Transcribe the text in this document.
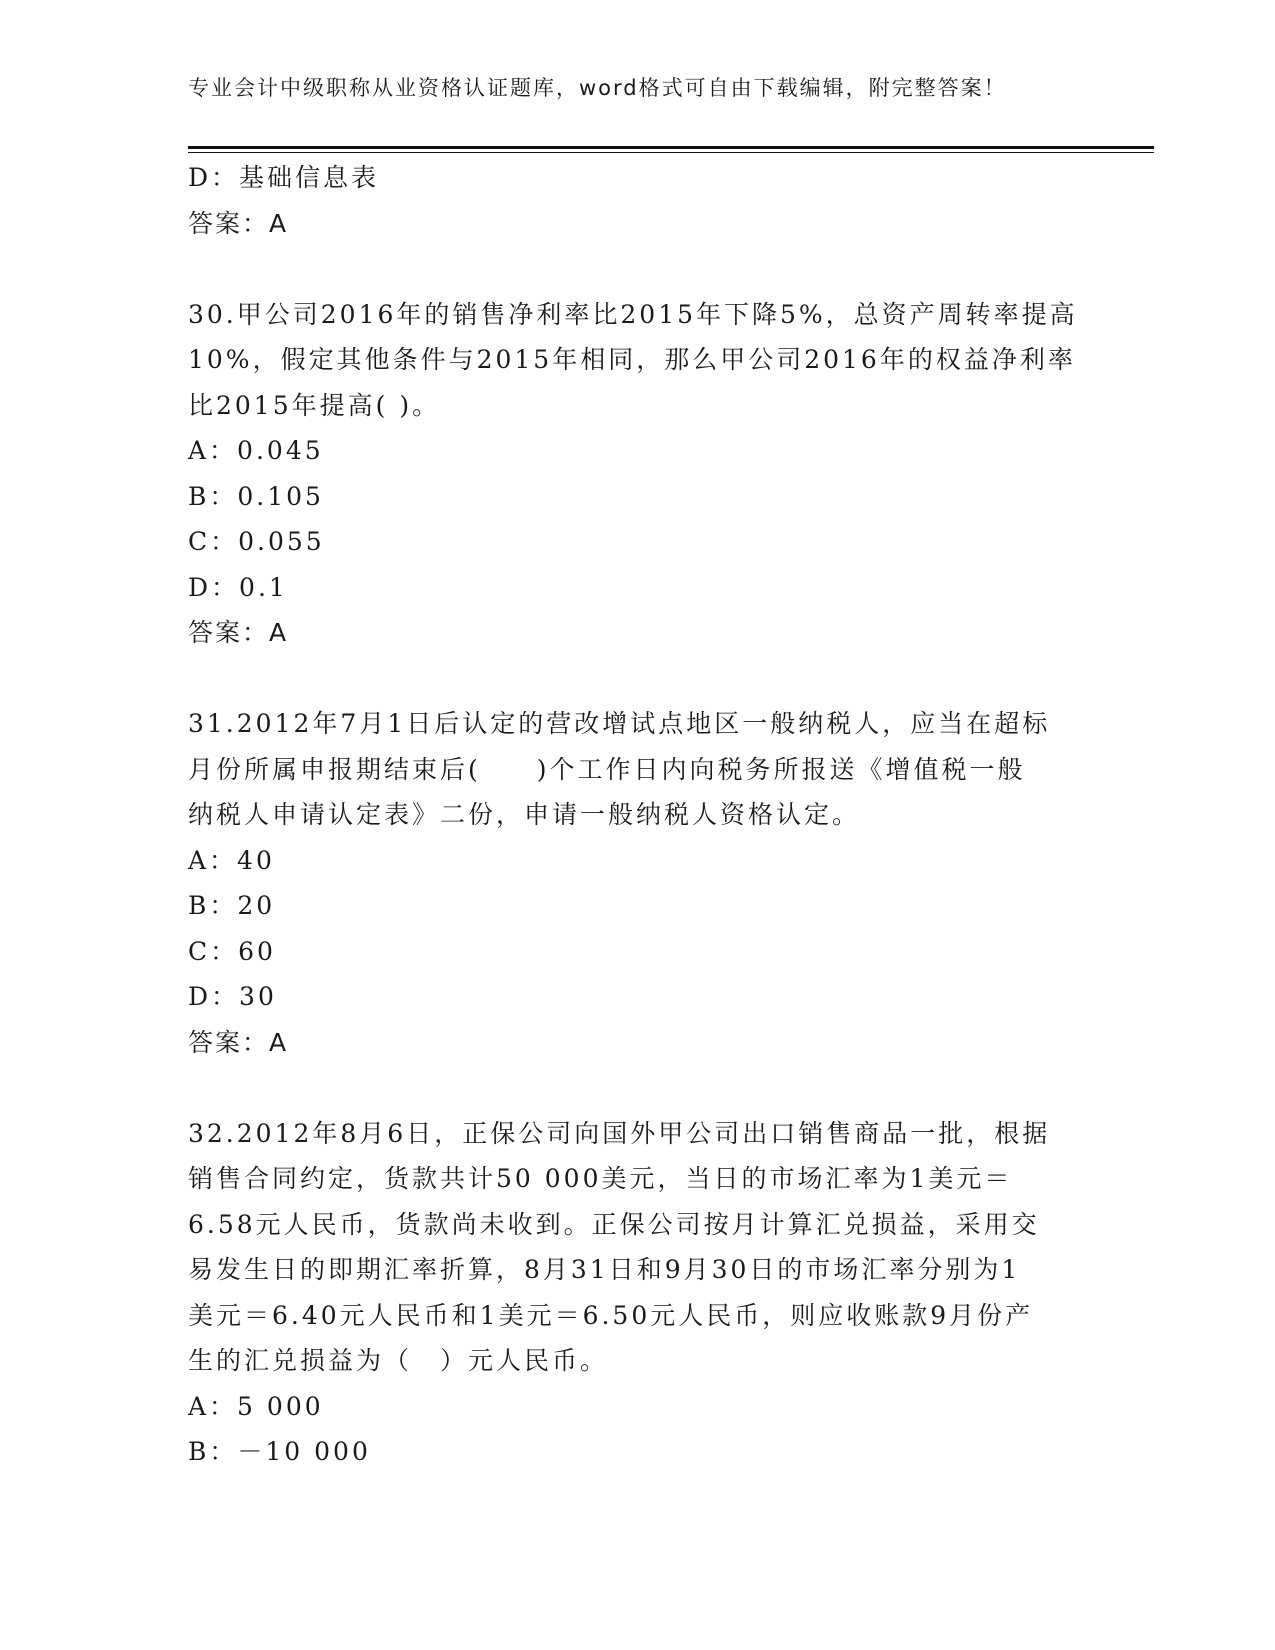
专业会计中级职称从业资格认证题库，word格式可自由下载编辑，附完整答案！
D：基础信息表
答案：A
30.甲公司2016年的销售净利率比2015年下降5%，总资产周转率提高
10%，假定其他条件与2015年相同，那么甲公司2016年的权益净利率
比2015年提高( )。
A：0.045
B：0.105
C：0.055
D：0.1
答案：A
31.2012年7月1日后认定的营改增试点地区一般纳税人，应当在超标
月份所属申报期结束后(　　)个工作日内向税务所报送《增值税一般
纳税人申请认定表》二份，申请一般纳税人资格认定。
A：40
B：20
C：60
D：30
答案：A
32.2012年8月6日，正保公司向国外甲公司出口销售商品一批，根据
销售合同约定，货款共计50 000美元，当日的市场汇率为1美元＝
6.58元人民币，货款尚未收到。正保公司按月计算汇兑损益，采用交
易发生日的即期汇率折算，8月31日和9月30日的市场汇率分别为1
美元＝6.40元人民币和1美元＝6.50元人民币，则应收账款9月份产
生的汇兑损益为（　）元人民币。
A：5 000
B：－10 000
